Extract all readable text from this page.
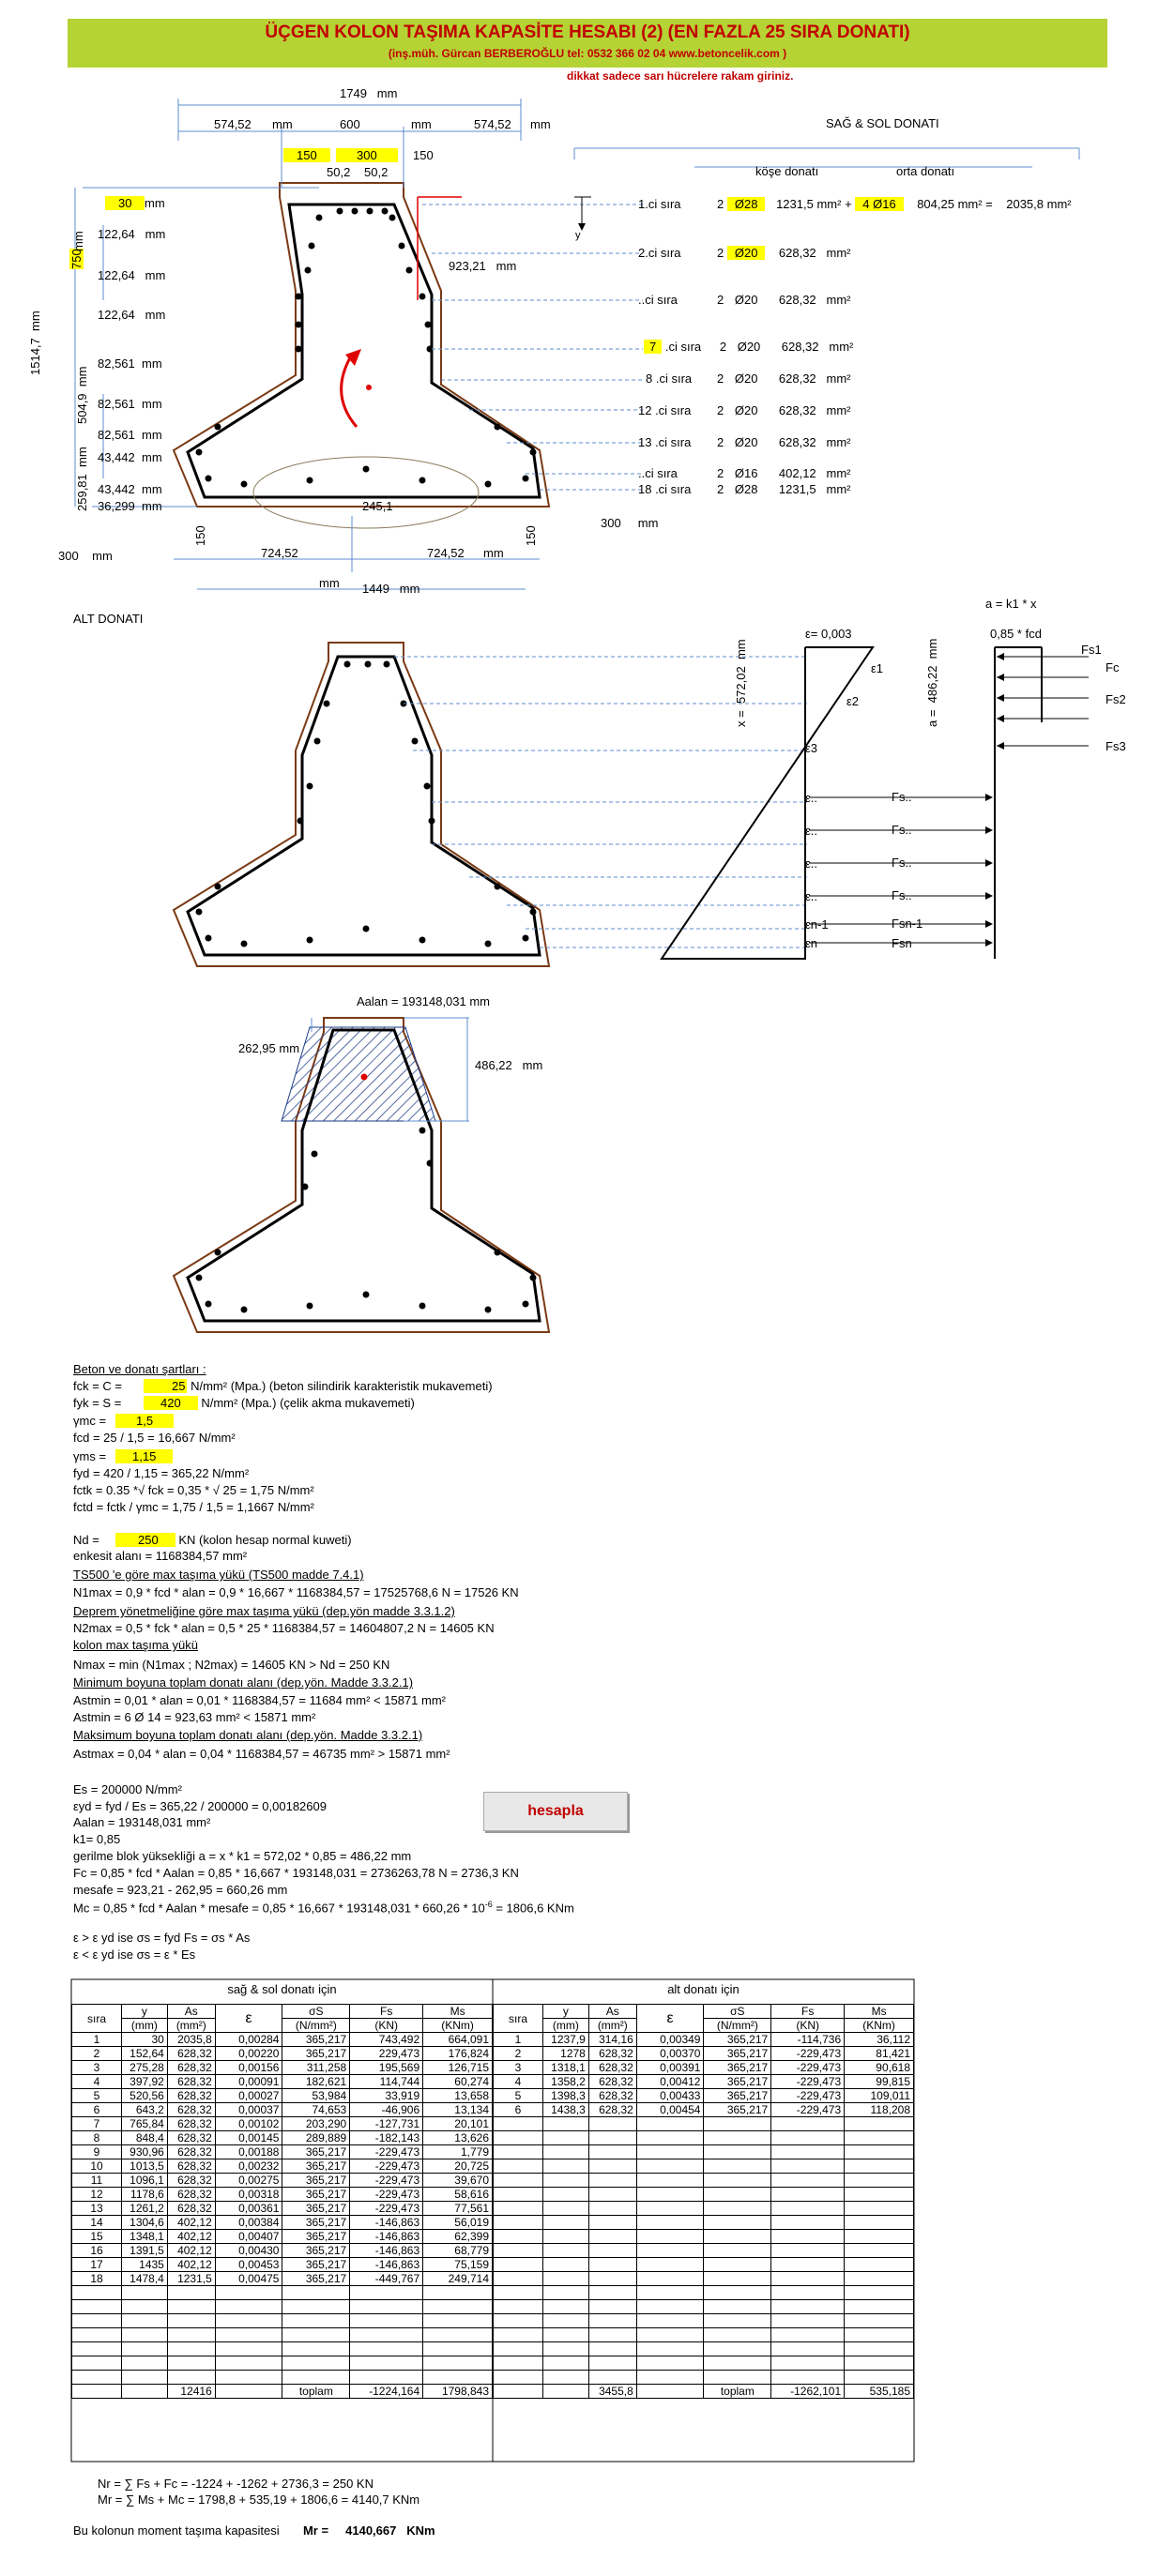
ÜÇGEN KOLON TAŞIMA KAPASİTE HESABI (2) (EN FAZLA 25 SIRA DONATI)
(inş.müh. Gürcan BERBEROĞLU tel: 0532 366 02 04 www.betoncelik.com )
dikkat sadece sarı hücrelere rakam giriniz.
1749 mm
574,52	600	574,52
mm	mm	mm
150	300	150
50,2 50,2
30	mm
750
mm
1514,7  mm
504,9  mm
259,81  mm
122,64 mm
122,64 mm
122,64 mm
82,561 mm
82,561 mm
82,561 mm
43,442 mm
43,442 mm
36,299 mm
923,21 mm
245,1
724,52	724,52
mm
mm
1449 mm
150	150
300 mm
300 mm
ALT DONATI
y
SAĞ & SOL DONATI
köşe donatı	orta donatı
1.ci sıra	2 Ø28 1231,5 mm² + 4 Ø16 804,25 mm² = 2035,8 mm²
2.ci sıra	2 Ø20 628,32 mm²
..ci sıra	2 Ø20 628,32 mm²
7 .ci sıra 2 Ø20 628,32 mm²
8 .ci sıra 2 Ø20 628,32 mm²
12 .ci sıra 2 Ø20 628,32 mm²
13 .ci sıra 2 Ø20 628,32 mm²
..ci sıra	2 Ø16 402,12 mm²
18 .ci sıra 2 Ø28 1231,5 mm²
a = k1 * x
0,85 * fcd
ε= 0,003
x =  572,02  mm
a =  486,22  mm
ε1
ε2
ε3
ε..
ε..
ε..
ε..
εn-1
εn
Fs1
Fc
Fs2
Fs3
Fs..
Fs..
Fs..
Fs..
Fsn-1
Fsn
Aalan = 193148,031 mm
262,95 mm
486,22 mm
Beton ve donatı şartları :
fck = C =	25 N/mm² (Mpa.) (beton silindirik karakteristik mukavemeti)
fyk = S =	420 N/mm² (Mpa.) (çelik akma mukavemeti)
γmc = 1,5
fcd = 25 / 1,5 = 16,667 N/mm²
γms = 1,15
fyd = 420 / 1,15 = 365,22 N/mm²
fctk = 0.35 *√ fck = 0,35 * √ 25 = 1,75 N/mm²
fctd = fctk / γmc = 1,75 / 1,5 = 1,1667 N/mm²
Nd =	250 KN (kolon hesap normal kuweti)
enkesit alanı = 1168384,57 mm²
TS500 'e göre max taşıma yükü (TS500 madde 7.4.1)
N1max = 0,9 * fcd * alan = 0,9 * 16,667 * 1168384,57 = 17525768,6 N = 17526 KN
Deprem yönetmeliğine göre max taşıma yükü (dep.yön madde 3.3.1.2)
N2max = 0,5 * fck * alan = 0,5 * 25 * 1168384,57 = 14604807,2 N = 14605 KN
kolon max taşıma yükü
Nmax = min (N1max ; N2max) = 14605 KN > Nd = 250 KN
Minimum boyuna toplam donatı alanı (dep.yön. Madde 3.3.2.1)
Astmin = 0,01 * alan = 0,01 * 1168384,57 = 11684 mm² < 15871 mm²
Astmin = 6 Ø 14 = 923,63 mm² < 15871 mm²
Maksimum boyuna toplam donatı alanı (dep.yön. Madde 3.3.2.1)
Astmax = 0,04 * alan = 0,04 * 1168384,57 = 46735 mm² > 15871 mm²
Es = 200000 N/mm²
εyd = fyd / Es = 365,22 / 200000 = 0,00182609
Aalan = 193148,031 mm²
k1= 0,85
gerilme blok yüksekliği a = x * k1 = 572,02 * 0,85 = 486,22 mm
Fc = 0,85 * fcd * Aalan = 0,85 * 16,667 * 193148,031 = 2736263,78 N = 2736,3 KN
mesafe = 923,21 - 262,95 = 660,26 mm
Mc = 0,85 * fcd * Aalan * mesafe = $0,85 * 16,667 * 193148,031 * 660,26 * 10^{-6} = 1806,6$ KNm
ε > ε yd ise σs = fyd Fs = σs * As
ε < ε yd ise σs = ε * Es
hesapla
sağ & sol donatı için	alt donatı için
sıra	y	As	ε	σS	Fs	Ms
	(mm)	(mm²)		(N/mm²)	(KN)	(KNm)
1	30	2035,8	0,00284	365,217	743,492	664,091
2	152,64	628,32	0,00220	365,217	229,473	176,824
3	275,28	628,32	0,00156	311,258	195,569	126,715
4	397,92	628,32	0,00091	182,621	114,744	60,274
5	520,56	628,32	0,00027	53,984	33,919	13,658
6	643,2	628,32	0,00037	74,653	-46,906	13,134
7	765,84	628,32	0,00102	203,290	-127,731	20,101
8	848,4	628,32	0,00145	289,889	-182,143	13,626
9	930,96	628,32	0,00188	365,217	-229,473	1,779
10	1013,5	628,32	0,00232	365,217	-229,473	20,725
11	1096,1	628,32	0,00275	365,217	-229,473	39,670
12	1178,6	628,32	0,00318	365,217	-229,473	58,616
13	1261,2	628,32	0,00361	365,217	-229,473	77,561
14	1304,6	402,12	0,00384	365,217	-146,863	56,019
15	1348,1	402,12	0,00407	365,217	-146,863	62,399
16	1391,5	402,12	0,00430	365,217	-146,863	68,779
17	1435	402,12	0,00453	365,217	-146,863	75,159
18	1478,4	1231,5	0,00475	365,217	-449,767	249,714

		12416		toplam	-1224,164	1798,843
sıra	y	As	ε	σS	Fs	Ms
	(mm)	(mm²)		(N/mm²)	(KN)	(KNm)
1	1237,9	314,16	0,00349	365,217	-114,736	36,112
2	1278	628,32	0,00370	365,217	-229,473	81,421
3	1318,1	628,32	0,00391	365,217	-229,473	90,618
4	1358,2	628,32	0,00412	365,217	-229,473	99,815
5	1398,3	628,32	0,00433	365,217	-229,473	109,011
6	1438,3	628,32	0,00454	365,217	-229,473	118,208

		3455,8		toplam	-1262,101	535,185
Nr = ∑ Fs + Fc = -1224 + -1262 + 2736,3 = 250 KN
Mr = ∑ Ms + Mc = 1798,8 + 535,19 + 1806,6 = 4140,7 KNm
Bu kolonun moment taşıma kapasitesi Mr = 4140,667 KNm
